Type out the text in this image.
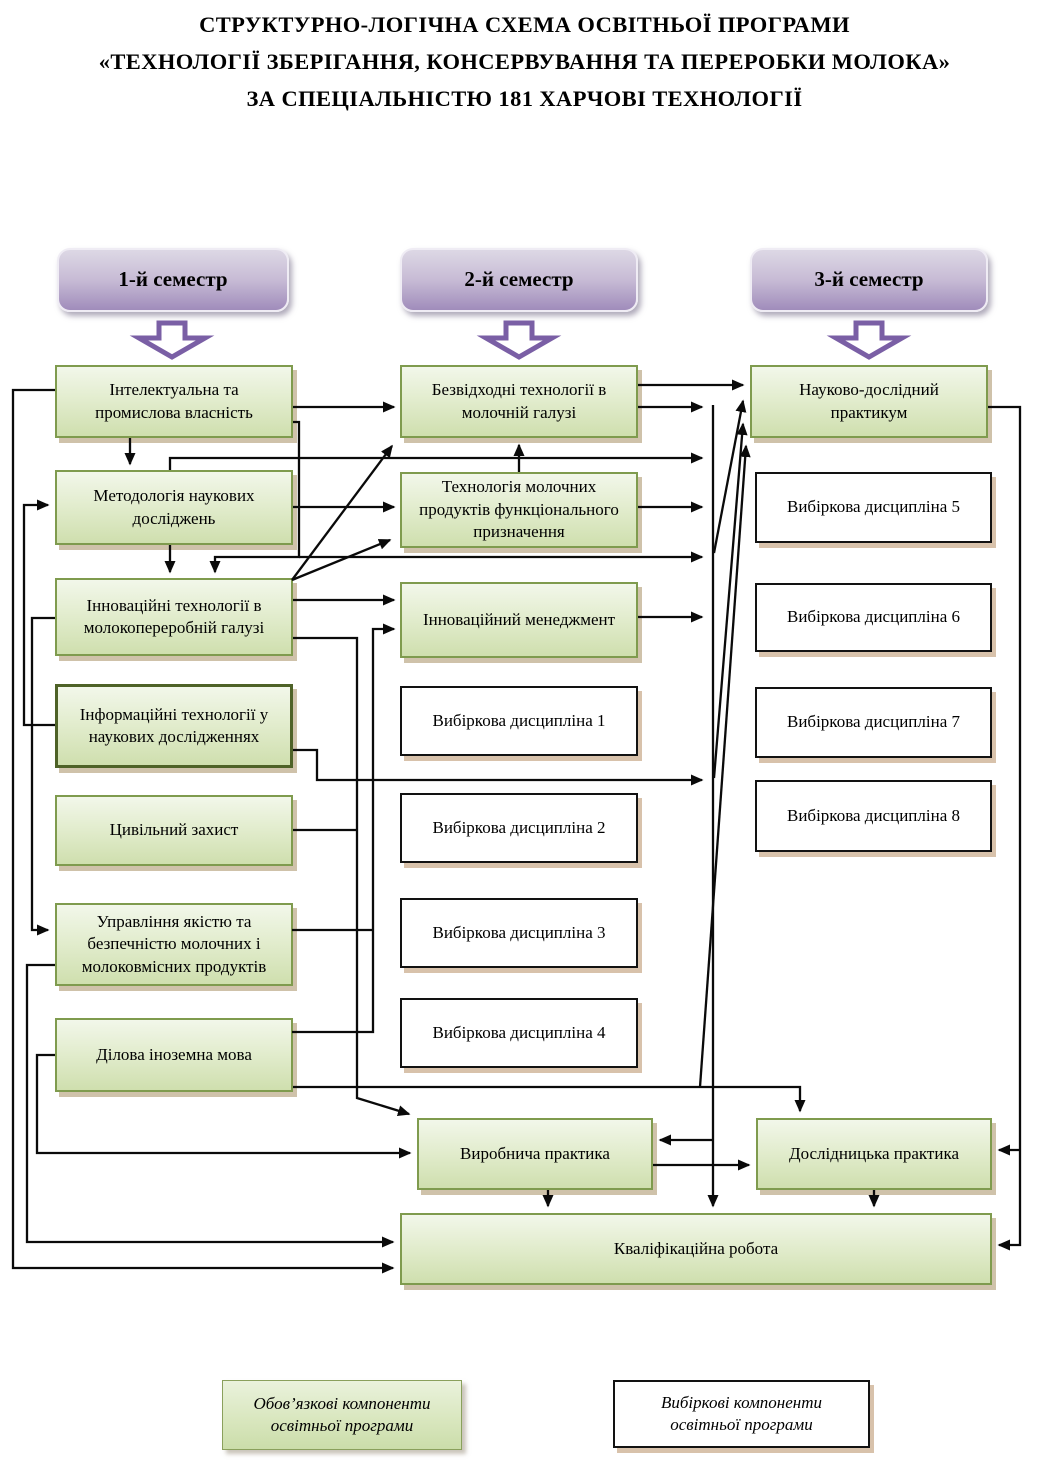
СТРУКТУРНО-ЛОГІЧНА СХЕМА ОСВІТНЬОЇ ПРОГРАМИ
«ТЕХНОЛОГІЇ ЗБЕРІГАННЯ, КОНСЕРВУВАННЯ ТА ПЕРЕРОБКИ МОЛОКА»
ЗА СПЕЦІАЛЬНІСТЮ 181 ХАРЧОВІ ТЕХНОЛОГІЇ
1-й семестр	2-й семестр	3-й семестр
Інтелектуальна та промислова власність
Методологія наукових досліджень
Інноваційні технології в молокопереробній галузі
Інформаційні технології у наукових дослідженнях
Цивільний захист
Управління якістю та безпечністю молочних і молоковмісних продуктів
Ділова іноземна мова
Безвідходні технології в молочній галузі
Технологія молочних продуктів функціонального призначення
Інноваційний менеджмент
Вибіркова дисципліна 1
Вибіркова дисципліна 2
Вибіркова дисципліна 3
Вибіркова дисципліна 4
Науково-дослідний практикум
Вибіркова дисципліна 5
Вибіркова дисципліна 6
Вибіркова дисципліна 7
Вибіркова дисципліна 8
Виробнича практика	Дослідницька практика
Кваліфікаційна робота
Обов’язкові компоненти освітньої програми
Вибіркові компоненти освітньої програми
